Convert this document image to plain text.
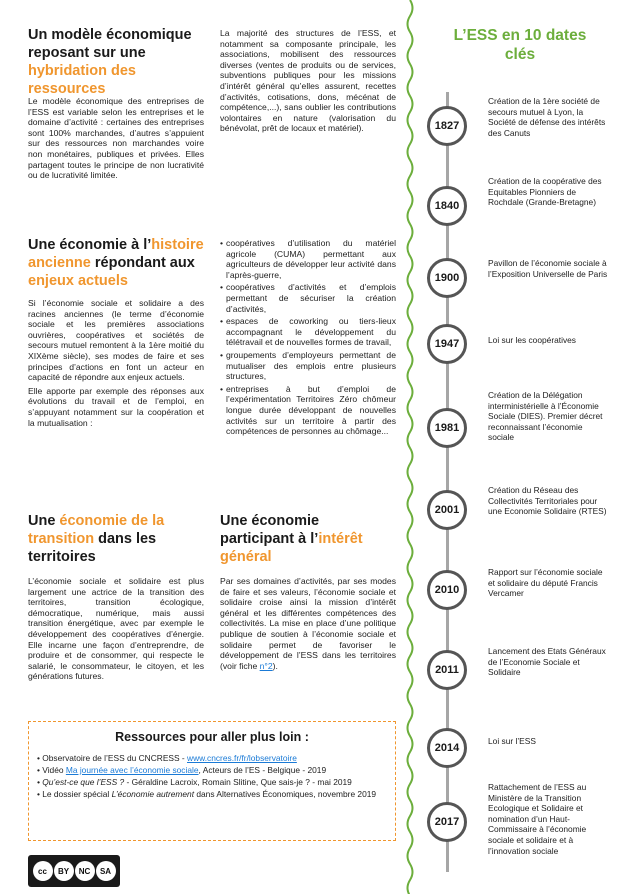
Un modèle économique reposant sur une
hybridation des ressources
Le modèle économique des entreprises de l’ESS est variable selon les entreprises et le domaine d’activité : certaines des entreprises sont 100% marchandes, d’autres s’appuient sur des ressources non marchandes voire non monétaires, publiques et privées. Elles partagent toutes le principe de non lucrativité ou de lucrativité limitée.
La majorité des structures de l’ESS, et notamment sa composante principale, les associations, mobilisent des ressources diverses (ventes de produits ou de services, subventions publiques pour les missions d’intérêt général qu’elles assurent, recettes d’activités, cotisations, dons, mécénat de compétence,...), sans oublier les contributions volontaires en nature (valorisation du bénévolat, prêt de locaux et matériel).
Une économie à l’histoire ancienne répondant aux enjeux actuels

Si l’économie sociale et solidaire a des racines anciennes (le terme d’économie sociale et les premières associations ouvrières, coopératives et sociétés de secours mutuel remontent à la 1ère moitié du XIXème siècle), ses modes de faire et ses principes d’actions en font un acteur en capacité de répondre aux enjeux actuels.

Elle apporte par exemple des réponses aux évolutions du travail et de l’emploi, en s’appuyant notamment sur la coopération et la mutualisation :

• coopératives d’utilisation du matériel agricole (CUMA) permettant aux agriculteurs de développer leur activité dans l’après-guerre,
• coopératives d’activités et d’emplois permettant de sécuriser la création d’activités,
• espaces de coworking ou tiers-lieux accompagnant le développement du télétravail et de nouvelles formes de travail,
• groupements d’employeurs permettant de mutualiser des emplois entre plusieurs structures,
• entreprises à but d’emploi de l’expérimentation Territoires Zéro chômeur longue durée développant de nouvelles activités sur un territoire à partir des compétences de personnes au chômage...
Une économie de la transition dans les territoires
L’économie sociale et solidaire est plus largement une actrice de la transition des territoires, transition écologique, démocratique, numérique, mais aussi transition énergétique, avec par exemple le développement des coopératives d’énergie. Elle incarne une façon d’entreprendre, de produire et de consommer, qui respecte le salarié, le consommateur, le citoyen, et les générations futures.
Une économie participant à l’intérêt général
Par ses domaines d’activités, par ses modes de faire et ses valeurs, l’économie sociale et solidaire croise ainsi la mission d’intérêt général et les différentes compétences des collectivités. La mise en place d’une politique publique de soutien à l’économie sociale et solidaire permet de favoriser le développement de l’ESS dans les territoires (voir fiche n°2).
Ressources pour aller plus loin :
• Observatoire de l’ESS du CNCRESS - www.cncres.fr/fr/lobservatoire
• Vidéo Ma journée avec l’économie sociale, Acteurs de l’ES - Belgique - 2019
• Qu’est-ce que l’ESS ? - Géraldine Lacroix, Romain Slitine, Que sais-je ? - mai 2019
• Le dossier spécial L’économie autrement dans Alternatives Économiques, novembre 2019
cc	BY	NC	SA
L’ESS en 10 dates clés
1827
Création de la 1ère société de secours mutuel à Lyon, la Société de défense des intérêts des Canuts
1840
Création de la coopérative des Equitables Pionniers de Rochdale (Grande-Bretagne)
1900
Pavillon de l’économie sociale à l’Exposition Universelle de Paris
1947	Loi sur les coopératives
1981
Création de la Délégation interministérielle à l’Économie Sociale (DIES). Premier décret reconnaissant l’économie sociale
2001
Création du Réseau des Collectivités Territoriales pour une Economie Solidaire (RTES)
2010
Rapport sur l’économie sociale et solidaire du député Francis Vercamer
2011
Lancement des Etats Généraux de l’Economie Sociale et Solidaire
2014
Loi sur l’ESS
2017
Rattachement de l’ESS au Ministère de la Transition Ecologique et Solidaire et nomination d’un Haut-Commissaire à l’économie sociale et solidaire et à l’innovation sociale
